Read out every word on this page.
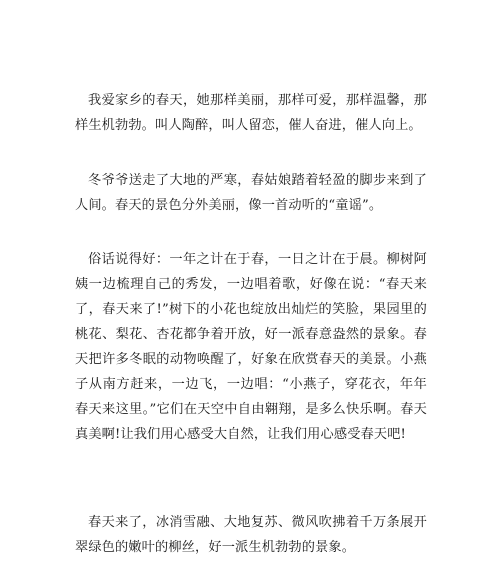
我爱家乡的春天，她那样美丽，那样可爱，那样温馨，那样生机勃勃。叫人陶醉，叫人留恋，催人奋进，催人向上。

冬爷爷送走了大地的严寒，春姑娘踏着轻盈的脚步来到了人间。春天的景色分外美丽，像一首动听的“童谣”。

俗话说得好：一年之计在于春，一日之计在于晨。柳树阿姨一边梳理自己的秀发，一边唱着歌，好像在说：“春天来了，春天来了!”树下的小花也绽放出灿烂的笑脸，果园里的桃花、梨花、杏花都争着开放，好一派春意盎然的景象。春天把许多冬眠的动物唤醒了，好象在欣赏春天的美景。小燕子从南方赶来，一边飞，一边唱：“小燕子，穿花衣，年年春天来这里。”它们在天空中自由翱翔，是多么快乐啊。春天真美啊!让我们用心感受大自然，让我们用心感受春天吧!

春天来了，冰消雪融、大地复苏、微风吹拂着千万条展开翠绿色的嫩叶的柳丝，好一派生机勃勃的景象。
